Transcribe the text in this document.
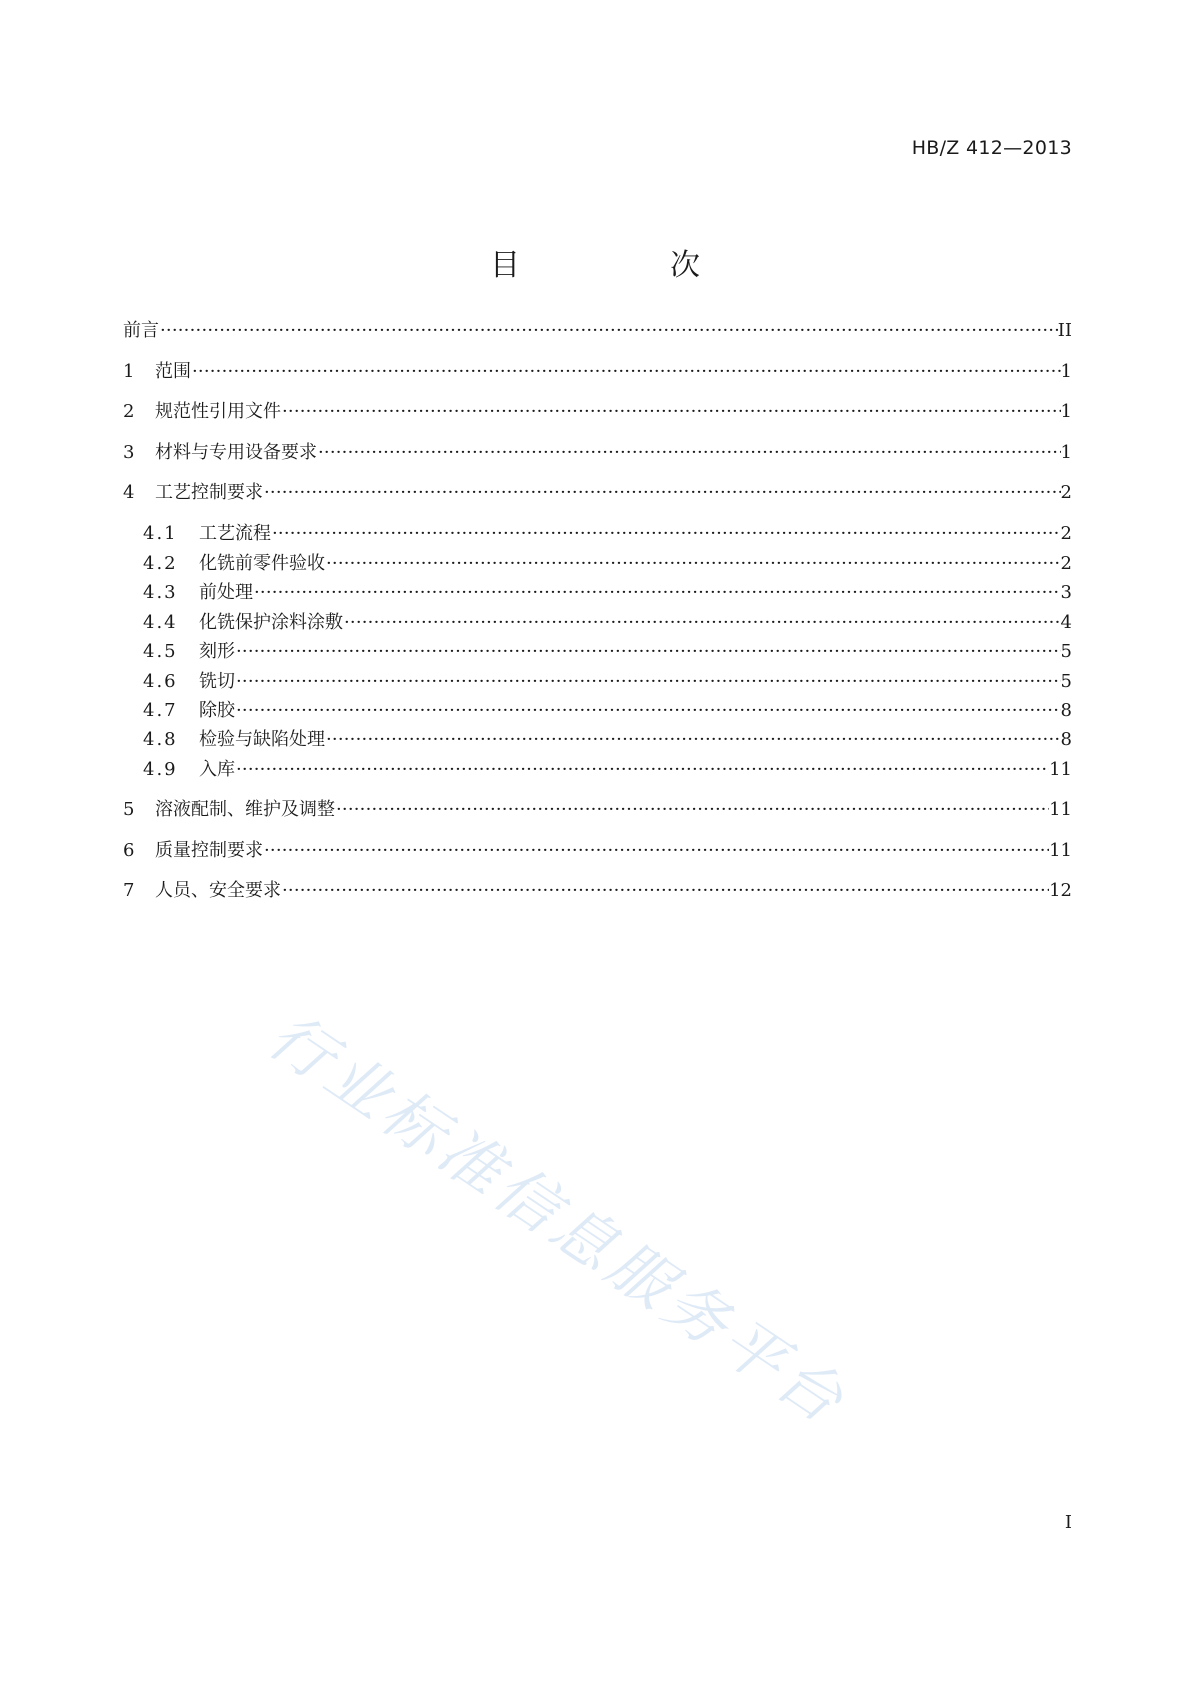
HB/Z 412—2013
目　次
前言 ·····	II
1	范围 ·····	1
2	规范性引用文件 ·····	1
3	材料与专用设备要求 ·····	1
4	工艺控制要求 ·····	2
4.1	工艺流程 ·····	2
4.2	化铣前零件验收 ·····	2
4.3	前处理 ·····	3
4.4	化铣保护涂料涂敷 ·····	4
4.5	刻形 ·····	5
4.6	铣切 ·····	5
4.7	除胶 ·····	8
4.8	检验与缺陷处理 ·····	8
4.9	入库 ·····	11
5	溶液配制、维护及调整 ·····	11
6	质量控制要求 ·····	11
7	人员、安全要求 ·····	12
行业标准信息服务平台
I
